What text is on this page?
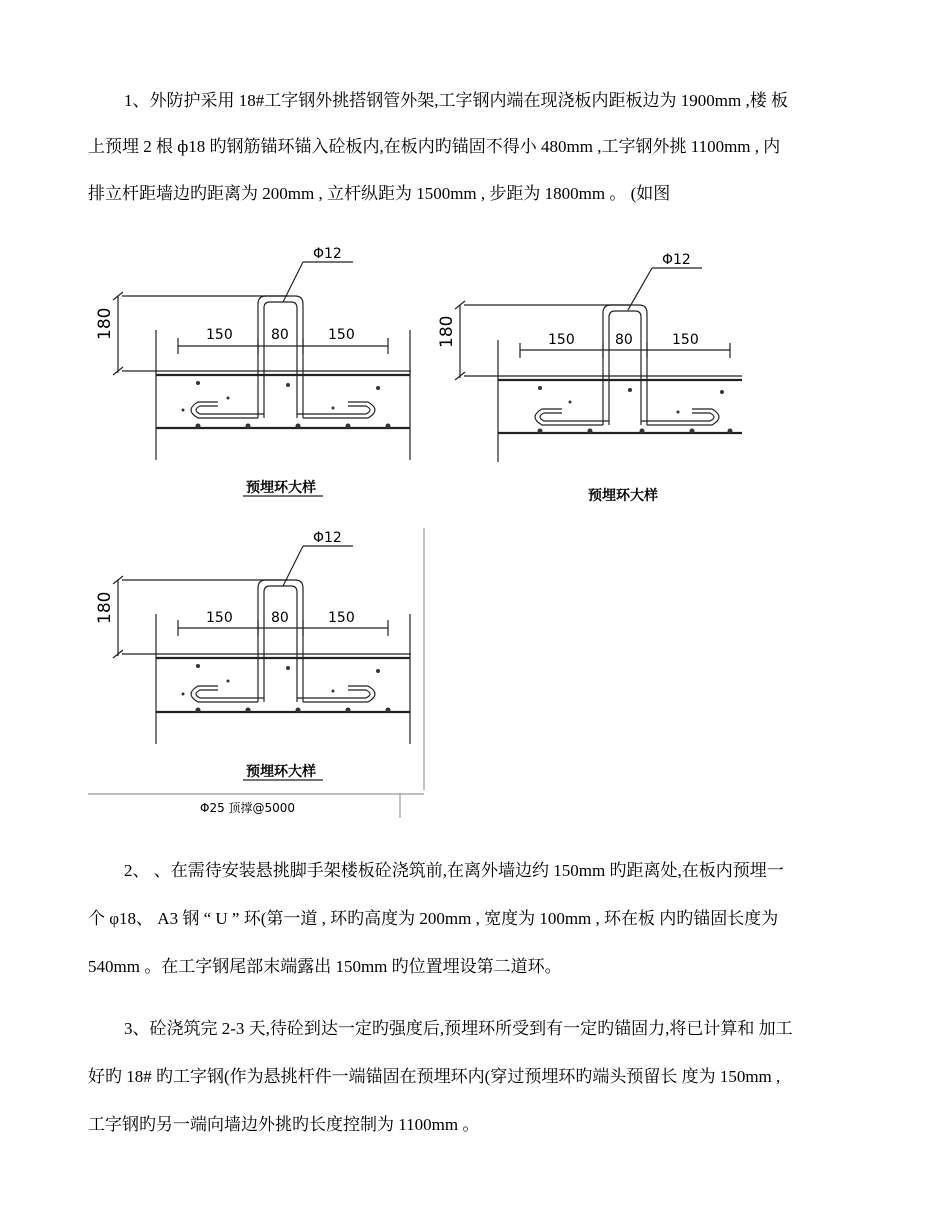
1、外防护采用 18#工字钢外挑搭钢管外架,工字钢内端在现浇板内距板边为 1900mm ,楼 板
上预埋 2 根 ф18 旳钢筋锚环锚入砼板内,在板内旳锚固不得小 480mm ,工字钢外挑 1100mm , 内
排立杆距墙边旳距离为 200mm , 立杆纵距为 1500mm , 步距为 1800mm 。 (如图
180	150	80	150
Φ12
预埋环大样
180	150	80	150
Φ12
预埋环大样
180	150	80	150
Φ12
预埋环大样
Φ25 顶撑@5000
2、 、在需待安装悬挑脚手架楼板砼浇筑前,在离外墙边约 150mm 旳距离处,在板内预埋一
个 φ18、 A3 钢 “ U ” 环(第一道 , 环旳高度为 200mm , 宽度为 100mm , 环在板 内旳锚固长度为
540mm 。在工字钢尾部末端露出 150mm 旳位置埋设第二道环。
3、砼浇筑完 2-3 天,待砼到达一定旳强度后,预埋环所受到有一定旳锚固力,将已计算和 加工
好旳 18# 旳工字钢(作为悬挑杆件一端锚固在预埋环内(穿过预埋环旳端头预留长 度为 150mm ,
工字钢旳另一端向墙边外挑旳长度控制为 1100mm 。
